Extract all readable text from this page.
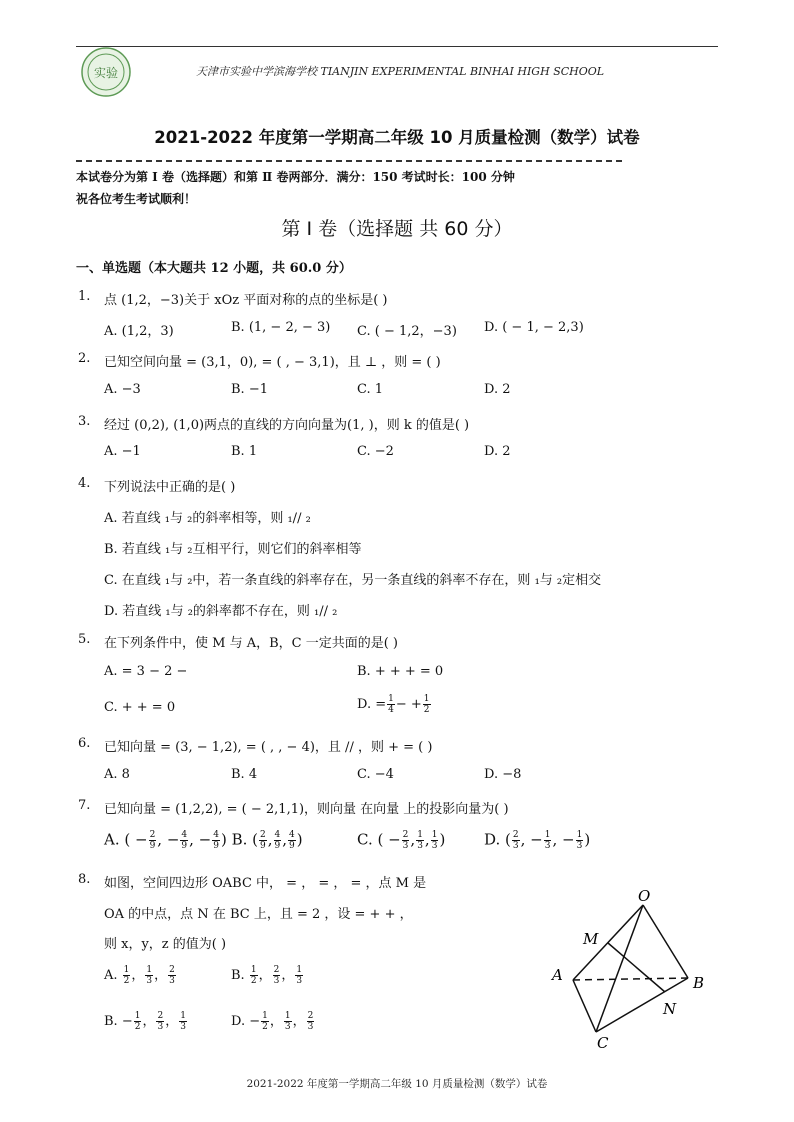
实验	天津市实验中学滨海学校 TIANJIN EXPERIMENTAL BINHAI HIGH SCHOOL
2021-2022 年度第一学期高二年级 10 月质量检测（数学）试卷
本试卷分为第 Ⅰ 卷（选择题）和第 Ⅱ 卷两部分．满分：150 考试时长：100 分钟
祝各位考生考试顺利！
第 Ⅰ 卷（选择题 共 60 分）
一、单选题（本大题共 12 小题，共 60.0 分）
1. 点 (1,2，−3)关于 xOz 平面对称的点的坐标是( )
A. (1,2，3)	B. (1, − 2, − 3) C. ( − 1,2，−3) D. ( − 1, − 2,3)
2. 已知空间向量 = (3,1，0), = ( , − 3,1)，且 ⊥ ，则 = ( )
A. −3	B. −1	C. 1	D. 2
3. 经过 (0,2), (1,0)两点的直线的方向向量为(1, )，则 k 的值是( )
A. −1	B. 1	C. −2	D. 2
4. 下列说法中正确的是( )
A. 若直线 ₁与 ₂的斜率相等，则 ₁// ₂
B. 若直线 ₁与 ₂互相平行，则它们的斜率相等
C. 在直线 ₁与 ₂中，若一条直线的斜率存在，另一条直线的斜率不存在，则 ₁与 ₂定相交
D. 若直线 ₁与 ₂的斜率都不存在，则 ₁// ₂
5. 在下列条件中，使 M 与 A，B，C 一定共面的是( )
A. = 3 − 2 −	B. + + + = 0
C. + + = 0	D. = $\frac{1}{4}$ − + $\frac{1}{2}$
6. 已知向量 = (3, − 1,2), = ( , , − 4)，且 // ，则 + = ( )
A. 8	B. 4	C. −4	D. −8
7. 已知向量 = (1,2,2), = ( − 2,1,1)，则向量 在向量 上的投影向量为( )
A. ( − $\frac{2}{9}$ , − $\frac{4}{9}$ , − $\frac{4}{9}$ ) B. ( $\frac{2}{9}$ , $\frac{4}{9}$ , $\frac{4}{9}$ )	C. ( − $\frac{2}{3}$ , $\frac{1}{3}$ , $\frac{1}{3}$ )	D. ( $\frac{2}{3}$ , − $\frac{1}{3}$ , − $\frac{1}{3}$ )
8. 如图，空间四边形 OABC 中， = ， = ， = ，点 M 是
OA 的中点，点 N 在 BC 上，且 = 2 ，设 = + + ，
则 x，y，z 的值为( )
A. $\frac{1}{2}$ ， $\frac{1}{3}$ ， $\frac{2}{3}$	B. $\frac{1}{2}$ ， $\frac{2}{3}$ ， $\frac{1}{3}$
B. − $\frac{1}{2}$ ， $\frac{2}{3}$ ， $\frac{1}{3}$	D. − $\frac{1}{2}$ ， $\frac{1}{3}$ ， $\frac{2}{3}$
O
M
A	B
N
C
2021-2022 年度第一学期高二年级 10 月质量检测（数学）试卷
